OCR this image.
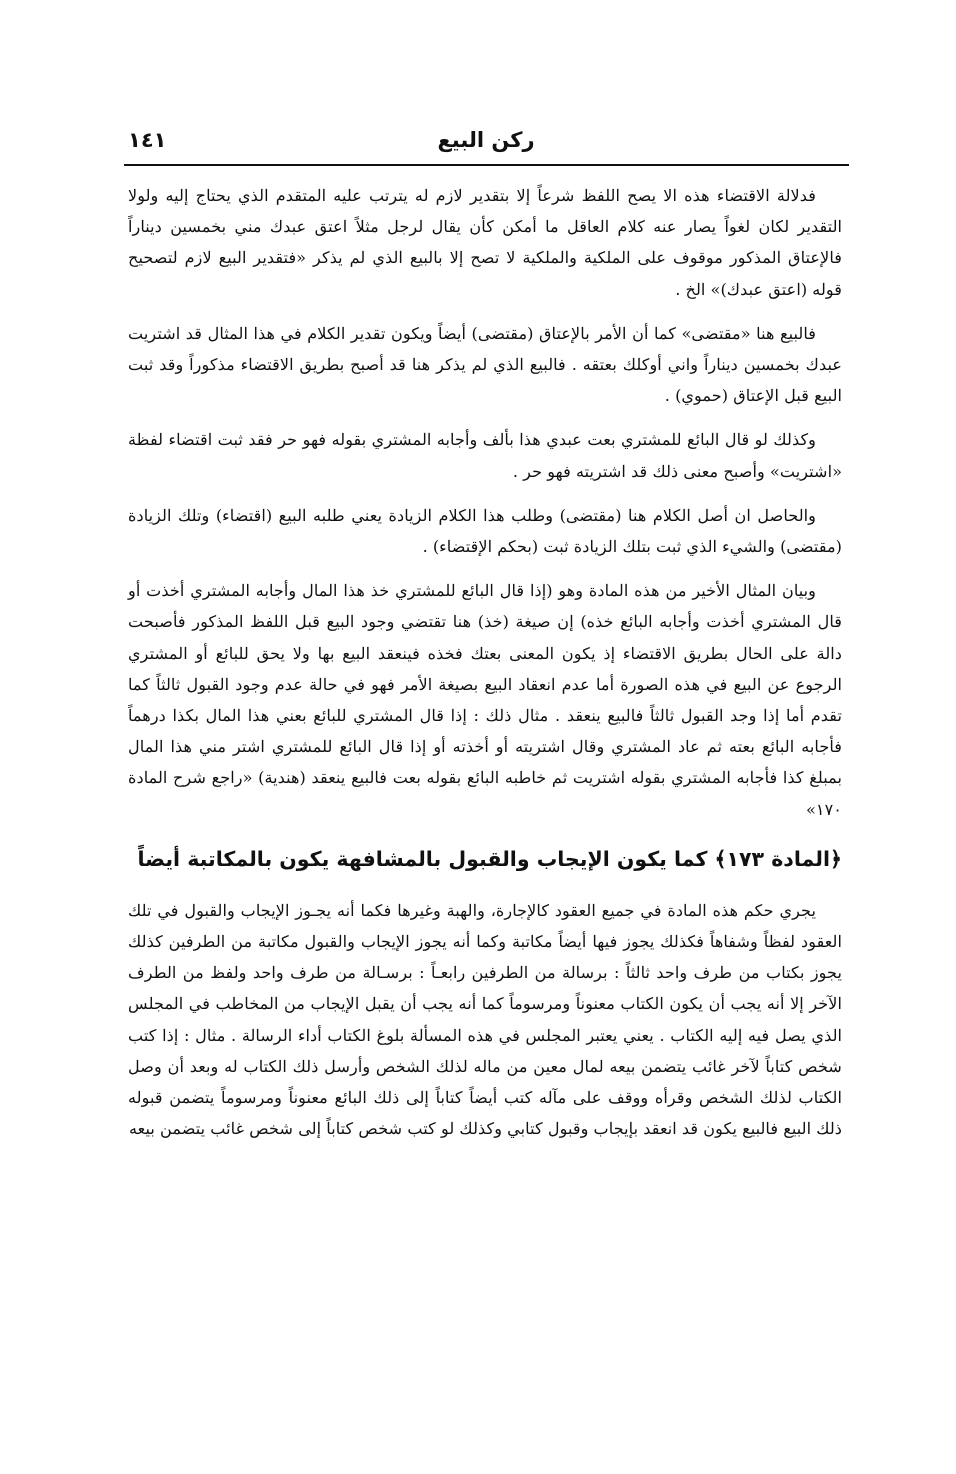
ركن البيع
١٤١

فدلالة الاقتضاء هذه الا يصح اللفظ شرعاً إلا بتقدير لازم له يترتب عليه المتقدم الذي يحتاج إليه ولولا التقدير لكان لغواً يصار عنه كلام العاقل ما أمكن كأن يقال لرجل مثلاً اعتق عبدك مني بخمسين ديناراً فالإعتاق المذكور موقوف على الملكية والملكية لا تصح إلا بالبيع الذي لم يذكر «فتقدير البيع لازم لتصحيح قوله (اعتق عبدك)» الخ .

فالبيع هنا «مقتضى» كما أن الأمر بالإعتاق (مقتضى) أيضاً ويكون تقدير الكلام في هذا المثال قد اشتريت عبدك بخمسين ديناراً واني أوكلك بعتقه . فالبيع الذي لم يذكر هنا قد أصبح بطريق الاقتضاء مذكوراً وقد ثبت البيع قبل الإعتاق (حموي) .

وكذلك لو قال البائع للمشتري بعت عبدي هذا بألف وأجابه المشتري بقوله فهو حر فقد ثبت اقتضاء لفظة «اشتريت» وأصبح معنى ذلك قد اشتريته فهو حر .

والحاصل ان أصل الكلام هنا (مقتضى) وطلب هذا الكلام الزيادة يعني طلبه البيع (اقتضاء) وتلك الزيادة (مقتضى) والشيء الذي ثبت بتلك الزيادة ثبت (بحكم الإقتضاء) .

وبيان المثال الأخير من هذه المادة وهو (إذا قال البائع للمشتري خذ هذا المال وأجابه المشتري أخذت أو قال المشتري أخذت وأجابه البائع خذه) إن صيغة (خذ) هنا تقتضي وجود البيع قبل اللفظ المذكور فأصبحت دالة على الحال بطريق الاقتضاء إذ يكون المعنى بعتك فخذه فينعقد البيع بها ولا يحق للبائع أو المشتري الرجوع عن البيع في هذه الصورة أما عدم انعقاد البيع بصيغة الأمر فهو في حالة عدم وجود القبول ثالثاً كما تقدم أما إذا وجد القبول ثالثاً فالبيع ينعقد . مثال ذلك : إذا قال المشتري للبائع بعني هذا المال بكذا درهماً فأجابه البائع بعته ثم عاد المشتري وقال اشتريته أو أخذته أو إذا قال البائع للمشتري اشتر مني هذا المال بمبلغ كذا فأجابه المشتري بقوله اشتريت ثم خاطبه البائع بقوله بعت فالبيع ينعقد (هندية) «راجع شرح المادة ١٧٠»

﴿المادة ١٧٣﴾ كما يكون الإيجاب والقبول بالمشافهة يكون بالمكاتبة أيضاً

يجري حكم هذه المادة في جميع العقود كالإجارة، والهبة وغيرها فكما أنه يجـوز الإيجاب والقبول في تلك العقود لفظاً وشفاهاً فكذلك يجوز فيها أيضاً مكاتبة وكما أنه يجوز الإيجاب والقبول مكاتبة من الطرفين كذلك يجوز بكتاب من طرف واحد ثالثاً : برسالة من الطرفين رابعـاً : برسـالة من طرف واحد ولفظ من الطرف الآخر إلا أنه يجب أن يكون الكتاب معنوناً ومرسوماً كما أنه يجب أن يقبل الإيجاب من المخاطب في المجلس الذي يصل فيه إليه الكتاب . يعني يعتبر المجلس في هذه المسألة بلوغ الكتاب أداء الرسالة . مثال : إذا كتب شخص كتاباً لآخر غائب يتضمن بيعه لمال معين من ماله لذلك الشخص وأرسل ذلك الكتاب له وبعد أن وصل الكتاب لذلك الشخص وقرأه ووقف على مآله كتب أيضاً كتاباً إلى ذلك البائع معنوناً ومرسوماً يتضمن قبوله ذلك البيع فالبيع يكون قد انعقد بإيجاب وقبول كتابي وكذلك لو كتب شخص كتاباً إلى شخص غائب يتضمن بيعه
